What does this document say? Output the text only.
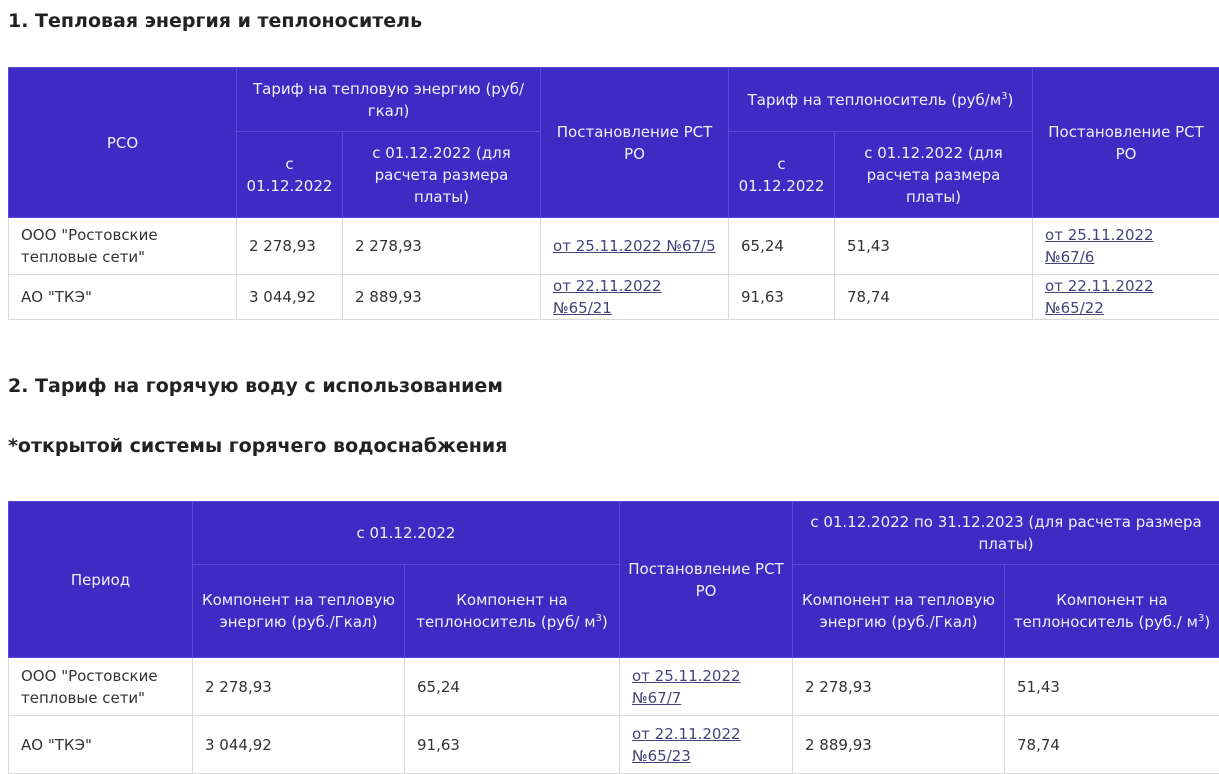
1. Тепловая энергия и теплоноситель
РСО	Тариф на тепловую энергию (руб/гкал)		Постановление РСТ РО	Тариф на теплоноситель $(руб/м^3)$		Постановление РСТ РО
	с 01.12.2022	с 01.12.2022 (для расчета размера платы)		с 01.12.2022	с 01.12.2022 (для расчета размера платы)	
ООО "Ростовские тепловые сети"	2 278,93	2 278,93	от 25.11.2022 №67/5	65,24	51,43	от 25.11.2022 №67/6
АО "ТКЭ"	3 044,92	2 889,93	от 22.11.2022 №65/21	91,63	78,74	от 22.11.2022 №65/22
2. Тариф на горячую воду с использованием
*открытой системы горячего водоснабжения
Период	с 01.12.2022		Постановление РСТ РО	с 01.12.2022 по 31.12.2023 (для расчета размера платы)	
	Компонент на тепловую энергию (руб./Гкал)	Компонент на теплоноситель (руб/ $м^3$)		Компонент на тепловую энергию (руб./Гкал)	Компонент на теплоноситель (руб./ $м^3$)
ООО "Ростовские тепловые сети"	2 278,93	65,24	от 25.11.2022 №67/7	2 278,93	51,43
АО "ТКЭ"	3 044,92	91,63	от 22.11.2022 №65/23	2 889,93	78,74
